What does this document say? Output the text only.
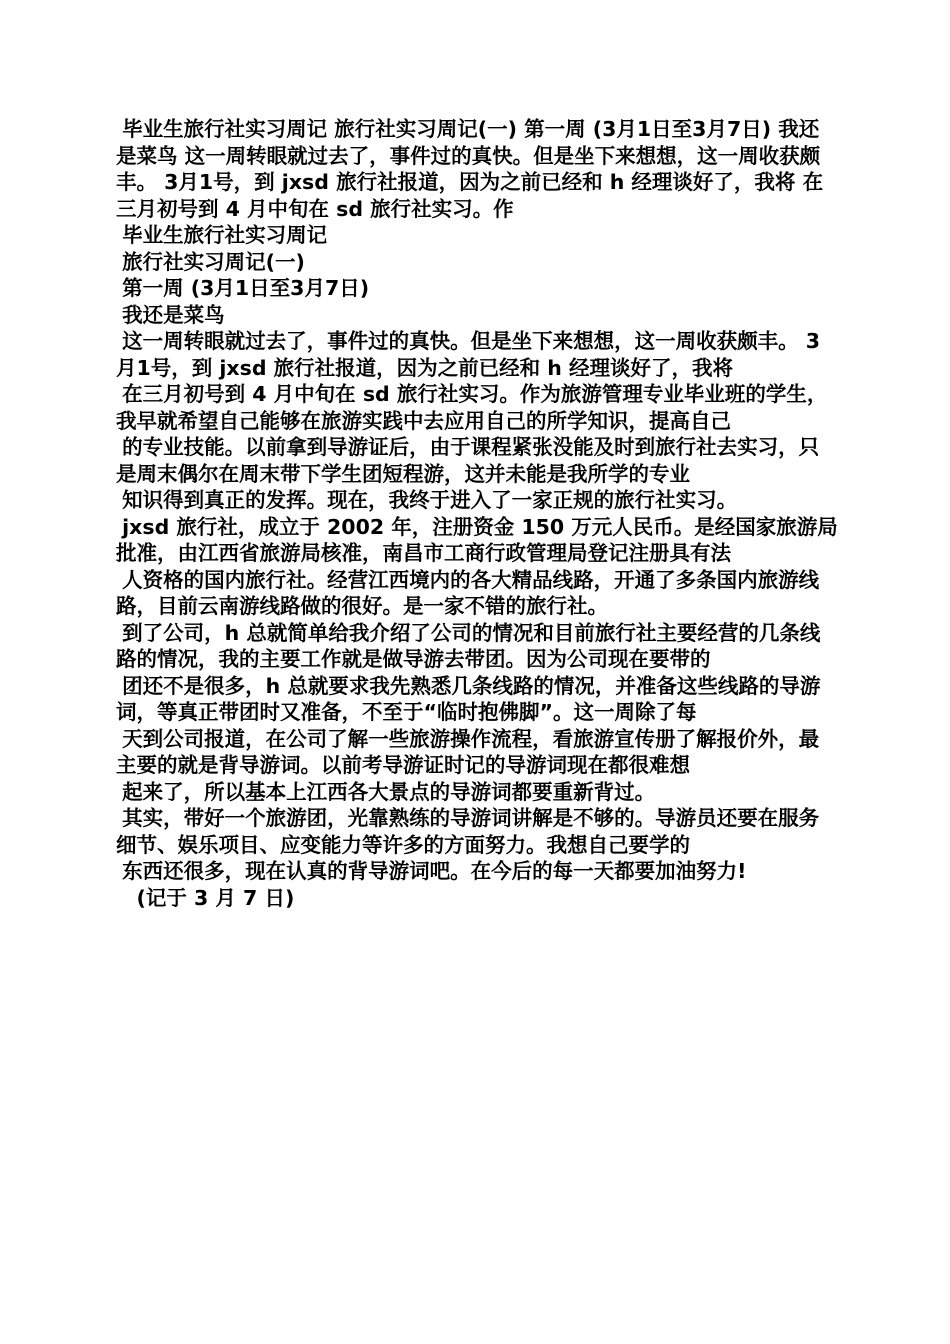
毕业生旅行社实习周记 旅行社实习周记(一) 第一周 (3月1日至3月7日) 我还是菜鸟 这一周转眼就过去了，事件过的真快。但是坐下来想想，这一周收获颇丰。 3月1号，到 jxsd 旅行社报道，因为之前已经和 h 经理谈好了，我将 在三月初号到 4 月中旬在 sd 旅行社实习。作

毕业生旅行社实习周记

旅行社实习周记(一)

第一周 (3月1日至3月7日)

我还是菜鸟

这一周转眼就过去了，事件过的真快。但是坐下来想想，这一周收获颇丰。 3月1号，到 jxsd 旅行社报道，因为之前已经和 h 经理谈好了，我将

在三月初号到 4 月中旬在 sd 旅行社实习。作为旅游管理专业毕业班的学生，我早就希望自己能够在旅游实践中去应用自己的所学知识，提高自己

的专业技能。以前拿到导游证后，由于课程紧张没能及时到旅行社去实习，只是周末偶尔在周末带下学生团短程游，这并未能是我所学的专业

知识得到真正的发挥。现在，我终于进入了一家正规的旅行社实习。

jxsd 旅行社，成立于 2002 年，注册资金 150 万元人民币。是经国家旅游局批准，由江西省旅游局核准，南昌市工商行政管理局登记注册具有法

人资格的国内旅行社。经营江西境内的各大精品线路，开通了多条国内旅游线路，目前云南游线路做的很好。是一家不错的旅行社。

到了公司，h 总就简单给我介绍了公司的情况和目前旅行社主要经营的几条线路的情况，我的主要工作就是做导游去带团。因为公司现在要带的

团还不是很多，h 总就要求我先熟悉几条线路的情况，并准备这些线路的导游词，等真正带团时又准备，不至于“临时抱佛脚”。这一周除了每

天到公司报道，在公司了解一些旅游操作流程，看旅游宣传册了解报价外，最主要的就是背导游词。以前考导游证时记的导游词现在都很难想

起来了，所以基本上江西各大景点的导游词都要重新背过。

其实，带好一个旅游团，光靠熟练的导游词讲解是不够的。导游员还要在服务细节、娱乐项目、应变能力等许多的方面努力。我想自己要学的

东西还很多，现在认真的背导游词吧。在今后的每一天都要加油努力!

(记于 3 月 7 日)
